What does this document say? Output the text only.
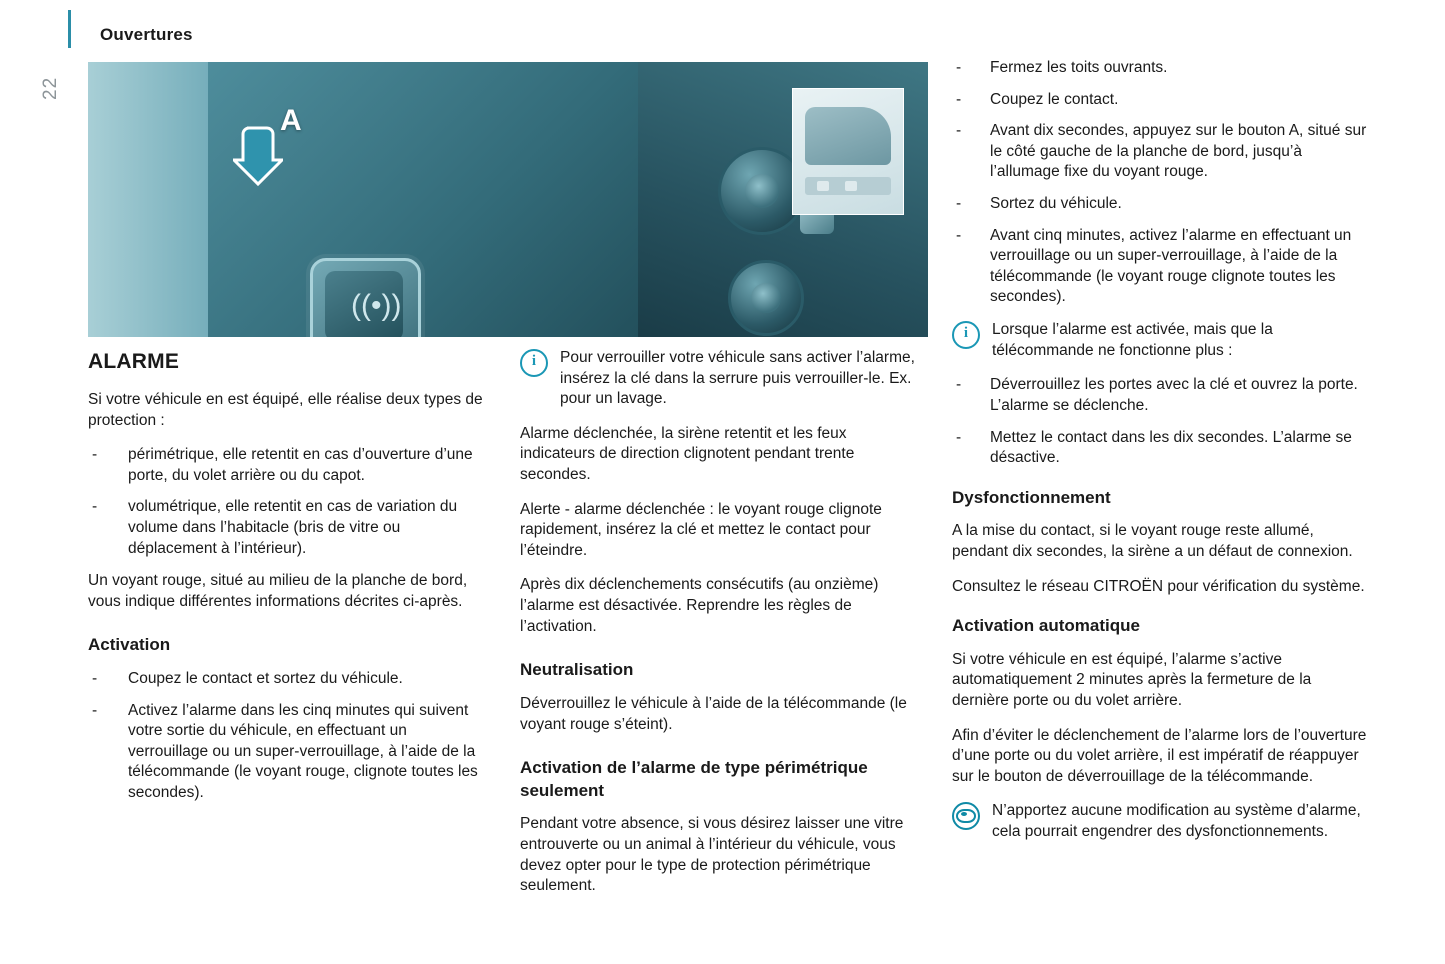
Ouvertures
22
((•))
A
ALARME

Si votre véhicule en est équipé, elle réalise deux types de protection :

- périmétrique, elle retentit en cas d’ouverture d’une porte, du volet arrière ou du capot.
- volumétrique, elle retentit en cas de variation du volume dans l’habitacle (bris de vitre ou déplacement à l’intérieur).

Un voyant rouge, situé au milieu de la planche de bord, vous indique différentes informations décrites ci-après.

Activation
- Coupez le contact et sortez du véhicule.
- Activez l’alarme dans les cinq minutes qui suivent votre sortie du véhicule, en effectuant un verrouillage ou un super-verrouillage, à l’aide de la télécommande (le voyant rouge, clignote toutes les secondes).
i	Pour verrouiller votre véhicule sans activer l’alarme, insérez la clé dans la serrure puis verrouiller-le. Ex. pour un lavage.

Alarme déclenchée, la sirène retentit et les feux indicateurs de direction clignotent pendant trente secondes.

Alerte - alarme déclenchée : le voyant rouge clignote rapidement, insérez la clé et mettez le contact pour l’éteindre.

Après dix déclenchements consécutifs (au onzième) l’alarme est désactivée. Reprendre les règles de l’activation.

Neutralisation

Déverrouillez le véhicule à l’aide de la télécommande (le voyant rouge s’éteint).

Activation de l’alarme de type périmétrique seulement

Pendant votre absence, si vous désirez laisser une vitre entrouverte ou un animal à l’intérieur du véhicule, vous devez opter pour le type de protection périmétrique seulement.

- Fermez les toits ouvrants.
- Coupez le contact.
- Avant dix secondes, appuyez sur le bouton A, situé sur le côté gauche de la planche de bord, jusqu’à l’allumage fixe du voyant rouge.
- Sortez du véhicule.
- Avant cinq minutes, activez l’alarme en effectuant un verrouillage ou un super-verrouillage, à l’aide de la télécommande (le voyant rouge clignote toutes les secondes).
i	Lorsque l’alarme est activée, mais que la télécommande ne fonctionne plus :
- Déverrouillez les portes avec la clé et ouvrez la porte. L’alarme se déclenche.
- Mettez le contact dans les dix secondes. L’alarme se désactive.
Dysfonctionnement

A la mise du contact, si le voyant rouge reste allumé, pendant dix secondes, la sirène a un défaut de connexion.

Consultez le réseau CITROËN pour vérification du système.

Activation automatique

Si votre véhicule en est équipé, l’alarme s’active automatiquement 2 minutes après la fermeture de la dernière porte ou du volet arrière.

Afin d’éviter le déclenchement de l’alarme lors de l’ouverture d’une porte ou du volet arrière, il est impératif de réappuyer sur le bouton de déverrouillage de la télécommande.

N’apportez aucune modification au système d’alarme, cela pourrait engendrer des dysfonctionnements.
